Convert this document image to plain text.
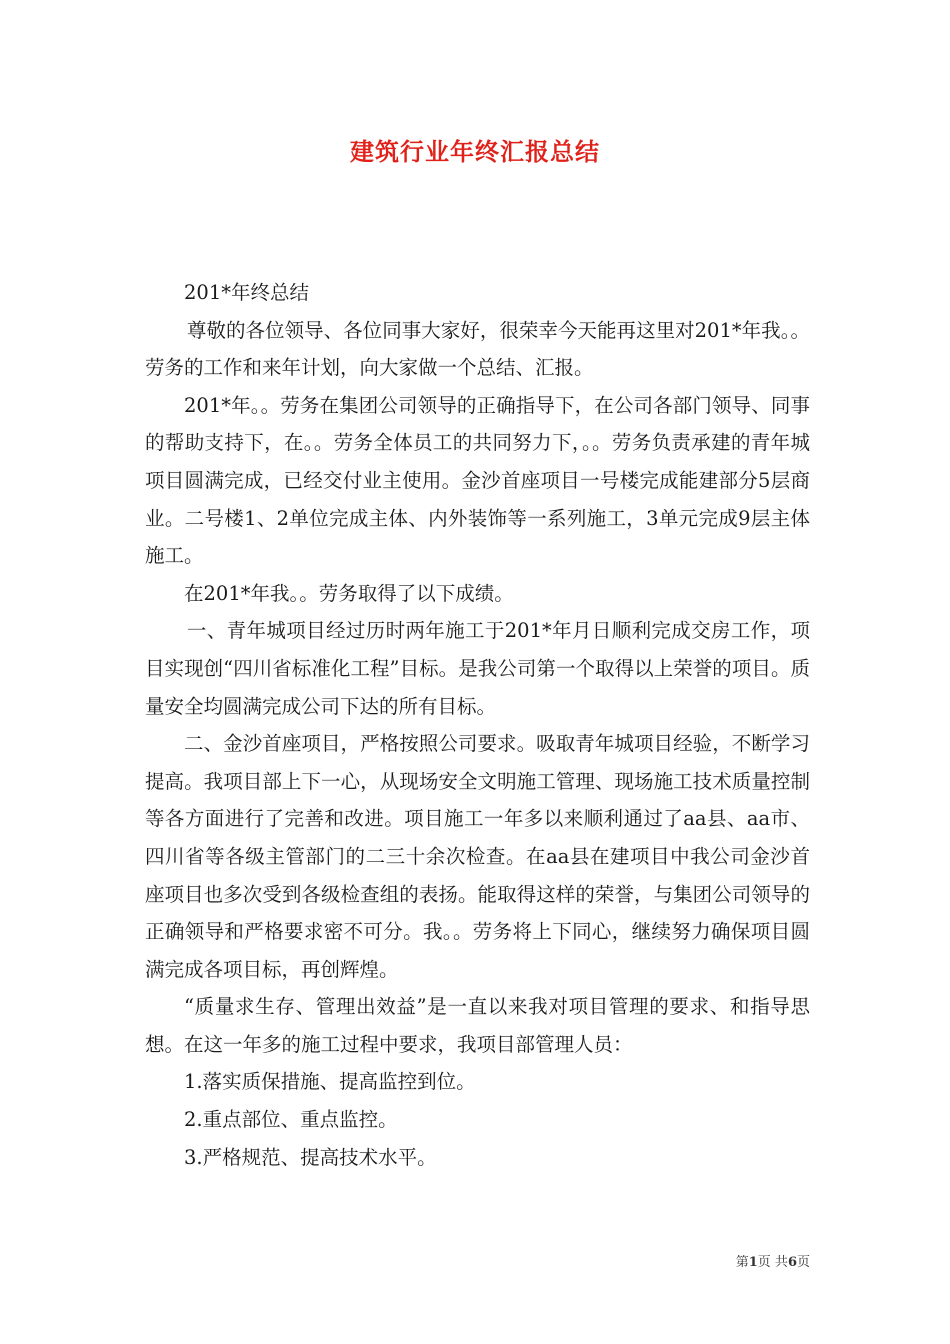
建筑行业年终汇报总结

201*年终总结

尊敬的各位领导、各位同事大家好，很荣幸今天能再这里对201*年我。。劳务的工作和来年计划，向大家做一个总结、汇报。

201*年。。劳务在集团公司领导的正确指导下，在公司各部门领导、同事的帮助支持下，在。。劳务全体员工的共同努力下，。。劳务负责承建的青年城项目圆满完成，已经交付业主使用。金沙首座项目一号楼完成能建部分5层商业。二号楼1、2单位完成主体、内外装饰等一系列施工，3单元完成9层主体施工。

在201*年我。。劳务取得了以下成绩。

一、青年城项目经过历时两年施工于201*年月日顺利完成交房工作，项目实现创“四川省标准化工程”目标。是我公司第一个取得以上荣誉的项目。质量安全均圆满完成公司下达的所有目标。

二、金沙首座项目，严格按照公司要求。吸取青年城项目经验，不断学习提高。我项目部上下一心，从现场安全文明施工管理、现场施工技术质量控制等各方面进行了完善和改进。项目施工一年多以来顺利通过了aa县、aa市、四川省等各级主管部门的二三十余次检查。在aa县在建项目中我公司金沙首座项目也多次受到各级检查组的表扬。能取得这样的荣誉，与集团公司领导的正确领导和严格要求密不可分。我。。劳务将上下同心，继续努力确保项目圆满完成各项目标，再创辉煌。

“质量求生存、管理出效益”是一直以来我对项目管理的要求、和指导思想。在这一年多的施工过程中要求，我项目部管理人员：

1.落实质保措施、提高监控到位。

2.重点部位、重点监控。

3.严格规范、提高技术水平。

第1页 共6页
